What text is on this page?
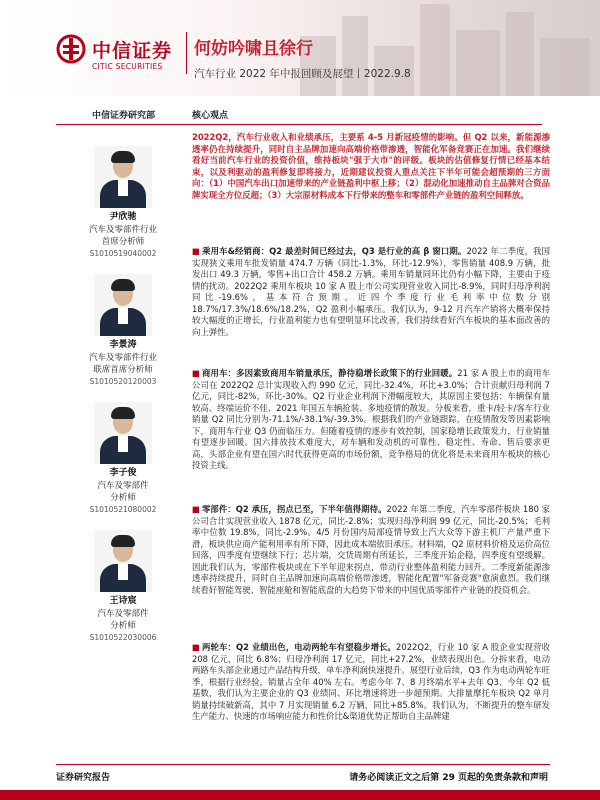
中信证券
CITIC SECURITIES
何妨吟啸且徐行
汽车行业 2022 年中报回顾及展望丨2022.9.8
中信证券研究部	核心观点
尹欣驰
汽车及零部件行业
首席分析师
S1010519040002
李景涛
汽车及零部件行业
联席首席分析师
S1010520120003
李子俊
汽车及零部件
分析师
S1010521080002
王诗宸
汽车及零部件
分析师
S1010522030006
2022Q2，汽车行业收入和业绩承压，主要系 4-5 月新冠疫情的影响。但 Q2 以来，新能源渗透率仍在持续提升，同时自主品牌加速向高端价格带渗透，智能化军备竞赛正在加速。我们继续看好当前汽车行业的投资价值，维持板块"强于大市"的评级。板块的估值修复行情已经基本结束，以及利驱动的盈利修复即将接力，近期建议投资人重点关注下半年可能会超预期的三方面向：（1）中国汽车出口加速带来的产业链盈利中枢上移；（2）混动化加速推动自主品牌对合资品牌实现全方位反超；（3）大宗原材料成本下行带来的整车和零部件产业链的盈利空间释放。
■ 乘用车&经销商：Q2 最差时间已经过去，Q3 是行业的高 β 窗口期。2022 年二季度，我国实现狭义乘用车批发销量 474.7 万辆（同比-1.3%，环比-12.9%），零售销量 408.9 万辆，批发出口 49.3 万辆，零售+出口合计 458.2 万辆。乘用车销量同环比仍有小幅下降，主要由于疫情的扰动。2022Q2 乘用车板块 10 家 A 股上市公司实现营业收入同比-8.9%，同时归母净利润同比-19.6%，基本符合预期。近四个季度行业毛利率中位数分别 18.7%/17.3%/18.6%/18.2%，Q2 盈利小幅承压。我们认为，9-12 月汽车产销将大概率保持较大幅度的正增长，行业盈利能力也有望明显环比改善，我们持续看好汽车板块的基本面改善的向上弹性。
■ 商用车：多因素致商用车销量承压，静待稳增长政策下的行业回暖。21 家 A 股上市的商用车公司在 2022Q2 总计实现收入约 990 亿元，同比-32.4%，环比+3.0%；合计贡献归母利润 7 亿元，同比-82%，环比-30%。Q2 行业企业利润下滑幅度较大，其原因主要包括：车辆保有量较高、终端运价不佳、2021 年国五车辆抢装、多地疫情的散发。分板来看，重卡/轻卡/客车行业销量 Q2 同比分别为-71.1%/-38.1%/-39.3%。根据我们的产业链跟踪，在疫情散发等因素影响下，商用车行业 Q3 仍面临压力。但随着疫情的逐步有效控制，国家稳增长政策发力，行业销量有望逐步回暖。国六排放技术难度大，对车辆和发动机的可靠性、稳定性、寿命、售后要求更高，头部企业有望在国六时代获得更高的市场份额，竞争格局的优化将是未来商用车板块的核心投资主线。
■ 零部件：Q2 承压，拐点已至，下半年值得期待。2022 年第二季度，汽车零部件板块 180 家公司合计实现营业收入 1878 亿元，同比-2.8%；实现归母净利润 99 亿元，同比-20.5%；毛利率中位数 19.8%，同比-2.9%。4/5 月份国内局部疫情导致上汽大众等下游主机厂产量严重下滑，板块供应商产能利用率有所下降，因此成本端依旧承压。材料端，Q2 原材料价格及运价高位回落，四季度有望继续下行；芯片端，交货周期有所延长，三季度开始企稳，四季度有望缓解。因此我们认为，零部件板块或在下半年迎来拐点，带动行业整体盈利能力回升。二季度新能源渗透率持续提升，同时自主品牌加速向高端价格带渗透，智能化配置"军备竞赛"愈演愈烈。我们继续看好智能驾驶、智能座舱和智能底盘的大趋势下带来的中国优质零部件产业链的投资机会。
■ 两轮车：Q2 业绩出色，电动两轮车有望稳步增长。2022Q2，行业 10 家 A 股企业实现营收 208 亿元，同比 6.8%；归母净利润 17 亿元，同比+27.2%，业绩表现出色。分拆来看，电动两路车头部企业通过产品结构升级，单车净利润快速提升。展望行业后续，Q3 作为电动两轮车旺季，根据行业经验，销量占全年 40% 左右。考虑今年 7、8 月终端水平+去年 Q3、今年 Q2 低基数，我们认为主要企业的 Q3 业绩同、环比增速将进一步超预期。大排量摩托车板块 Q2 单月销量持续破新高，其中 7 月实现销量 6.2 万辆，同比+85.8%。我们认为，不断提升的整车研发生产能力、快速的市场响应能力和性价比&渠道优势正帮助自主品牌建
证券研究报告	请务必阅读正文之后第 29 页起的免责条款和声明
